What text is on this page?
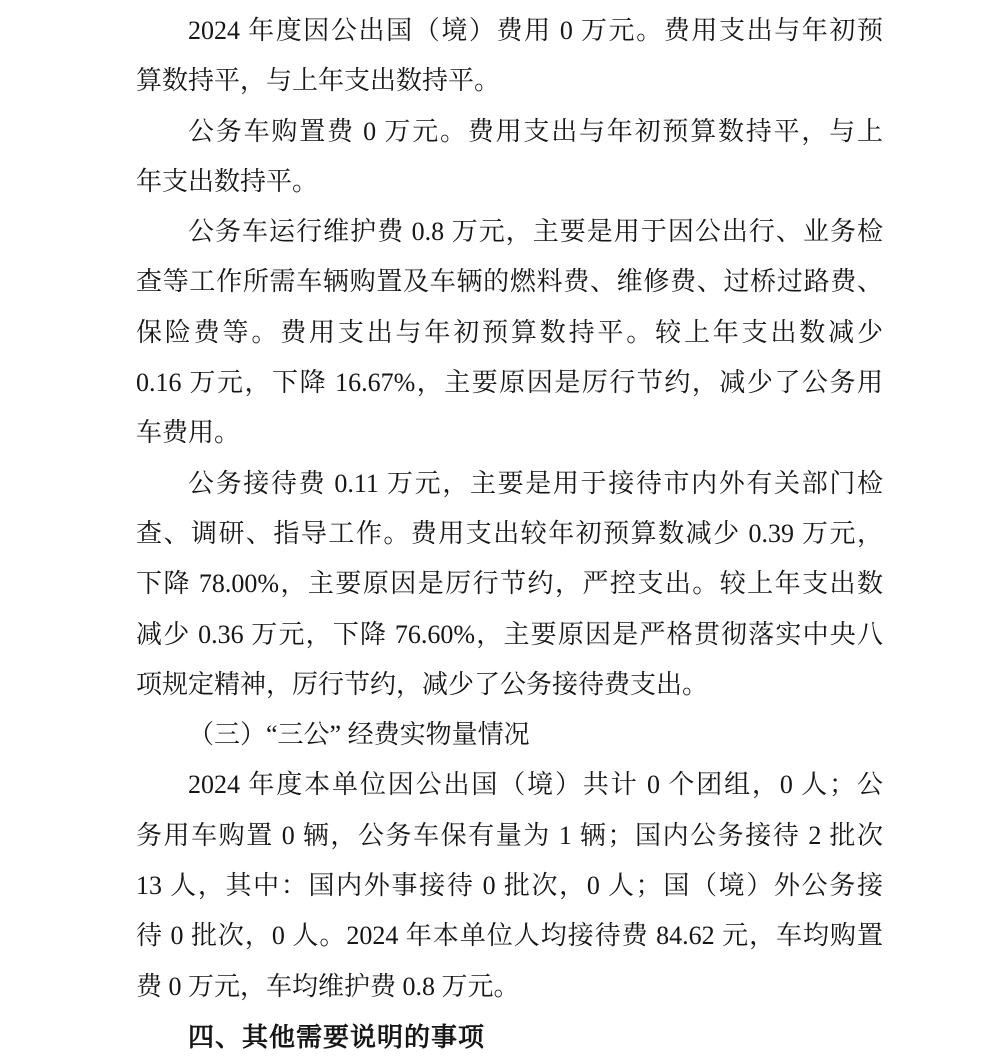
2024 年度因公出国（境）费用 0 万元。费用支出与年初预
算数持平，与上年支出数持平。
公务车购置费 0 万元。费用支出与年初预算数持平，与上
年支出数持平。
公务车运行维护费 0.8 万元，主要是用于因公出行、业务检
查等工作所需车辆购置及车辆的燃料费、维修费、过桥过路费、
保险费等。费用支出与年初预算数持平。较上年支出数减少
0.16 万元，下降 16.67%，主要原因是厉行节约，减少了公务用
车费用。
公务接待费 0.11 万元，主要是用于接待市内外有关部门检
查、调研、指导工作。费用支出较年初预算数减少 0.39 万元，
下降 78.00%，主要原因是厉行节约，严控支出。较上年支出数
减少 0.36 万元，下降 76.60%，主要原因是严格贯彻落实中央八
项规定精神，厉行节约，减少了公务接待费支出。
（三）“三公” 经费实物量情况
2024 年度本单位因公出国（境）共计 0 个团组，0 人；公
务用车购置 0 辆，公务车保有量为 1 辆；国内公务接待 2 批次
13 人，其中：国内外事接待 0 批次，0 人；国（境）外公务接
待 0 批次，0 人。2024 年本单位人均接待费 84.62 元，车均购置
费 0 万元，车均维护费 0.8 万元。
四、其他需要说明的事项
